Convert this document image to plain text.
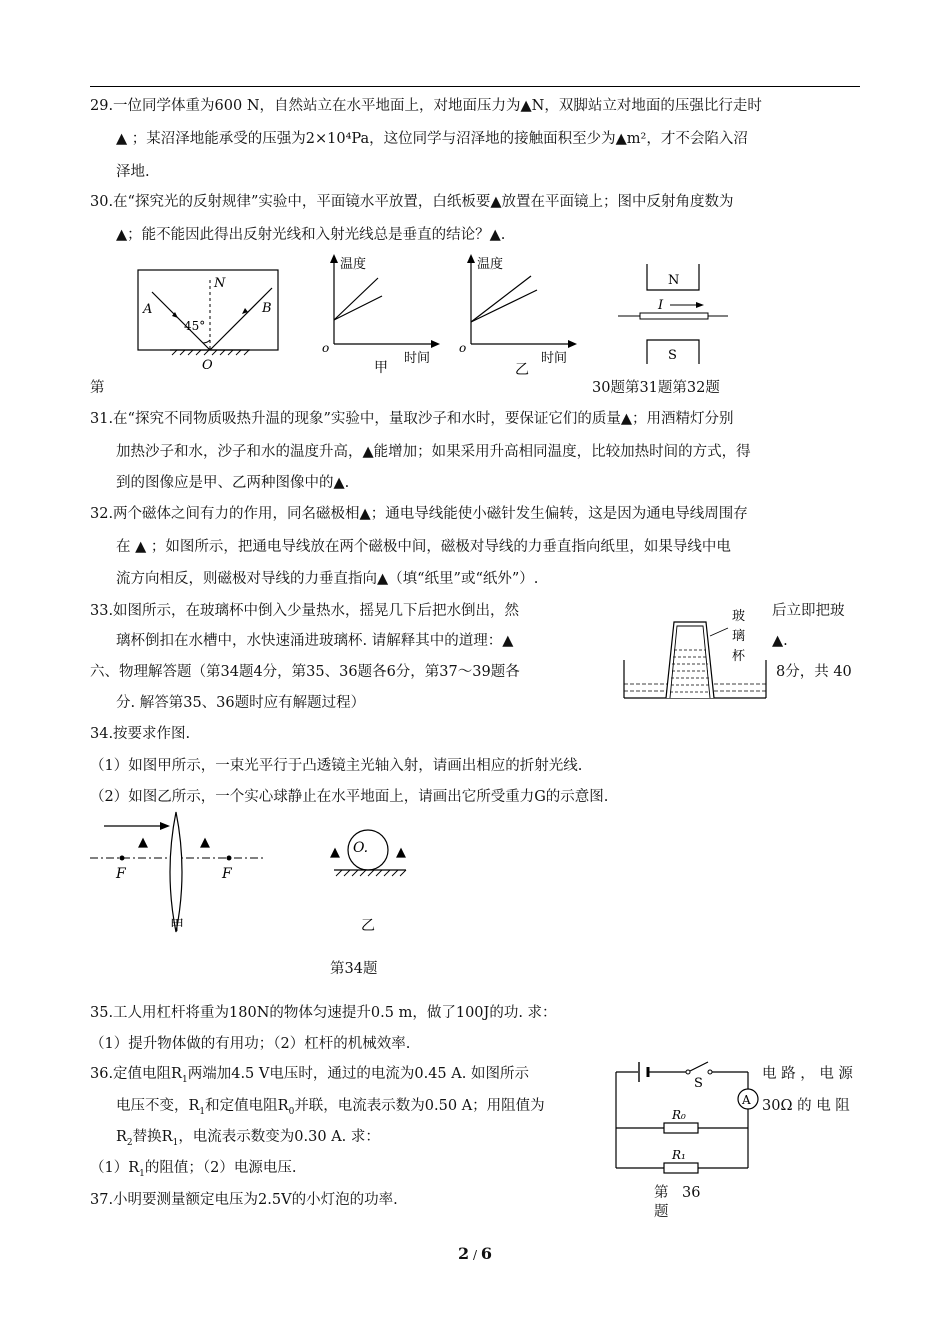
29.一位同学体重为600 N，自然站立在水平地面上，对地面压力为▲N，双脚站立对地面的压强比行走时
▲ ；某沼泽地能承受的压强为2×10⁴Pa，这位同学与沼泽地的接触面积至少为▲m²，才不会陷入沼
泽地.
30.在“探究光的反射规律”实验中，平面镜水平放置，白纸板要▲放置在平面镜上；图中反射角度数为
▲；能不能因此得出反射光线和入射光线总是垂直的结论？▲.
A	B
N
45°
O
温度
时间
o
甲
温度
时间
o
乙
N
S
I
第	30题第31题第32题
31.在“探究不同物质吸热升温的现象”实验中，量取沙子和水时，要保证它们的质量▲；用酒精灯分别
加热沙子和水，沙子和水的温度升高，▲能增加；如果采用升高相同温度，比较加热时间的方式，得
到的图像应是甲、乙两种图像中的▲.
32.两个磁体之间有力的作用，同名磁极相▲；通电导线能使小磁针发生偏转，这是因为通电导线周围存
在 ▲ ；如图所示，把通电导线放在两个磁极中间，磁极对导线的力垂直指向纸里，如果导线中电
流方向相反，则磁极对导线的力垂直指向▲（填“纸里”或“纸外”）.
33.如图所示，在玻璃杯中倒入少量热水，摇晃几下后把水倒出，然	后立即把玻
璃杯倒扣在水槽中，水快速涌进玻璃杯. 请解释其中的道理：▲	▲.
玻
璃
杯
六、物理解答题（第34题4分，第35、36题各6分，第37～39题各	8分，共 40
分. 解答第35、36题时应有解题过程）
34.按要求作图.
（1）如图甲所示，一束光平行于凸透镜主光轴入射，请画出相应的折射光线.
（2）如图乙所示，一个实心球静止在水平地面上，请画出它所受重力G的示意图.
▲	▲
F	F
甲
O.
▲	▲
乙
第34题
35.工人用杠杆将重为180N的物体匀速提升0.5 m，做了100J的功. 求：
（1）提升物体做的有用功；（2）杠杆的机械效率.
36.定值电阻$R_1$两端加4.5 V电压时，通过的电流为0.45 A. 如图所示	电 路 ， 电 源
电压不变，$R_1$和定值电阻$R_0$并联，电流表示数为0.50 A；用阻值为	30Ω 的 电 阻
$R_2$替换$R_1$，电流表示数变为0.30 A. 求：
$(1)R_1$的阻值；（2）电源电压.
S
A
R₀
R₁
第 36
题
37.小明要测量额定电压为2.5V的小灯泡的功率.
2 / 6
